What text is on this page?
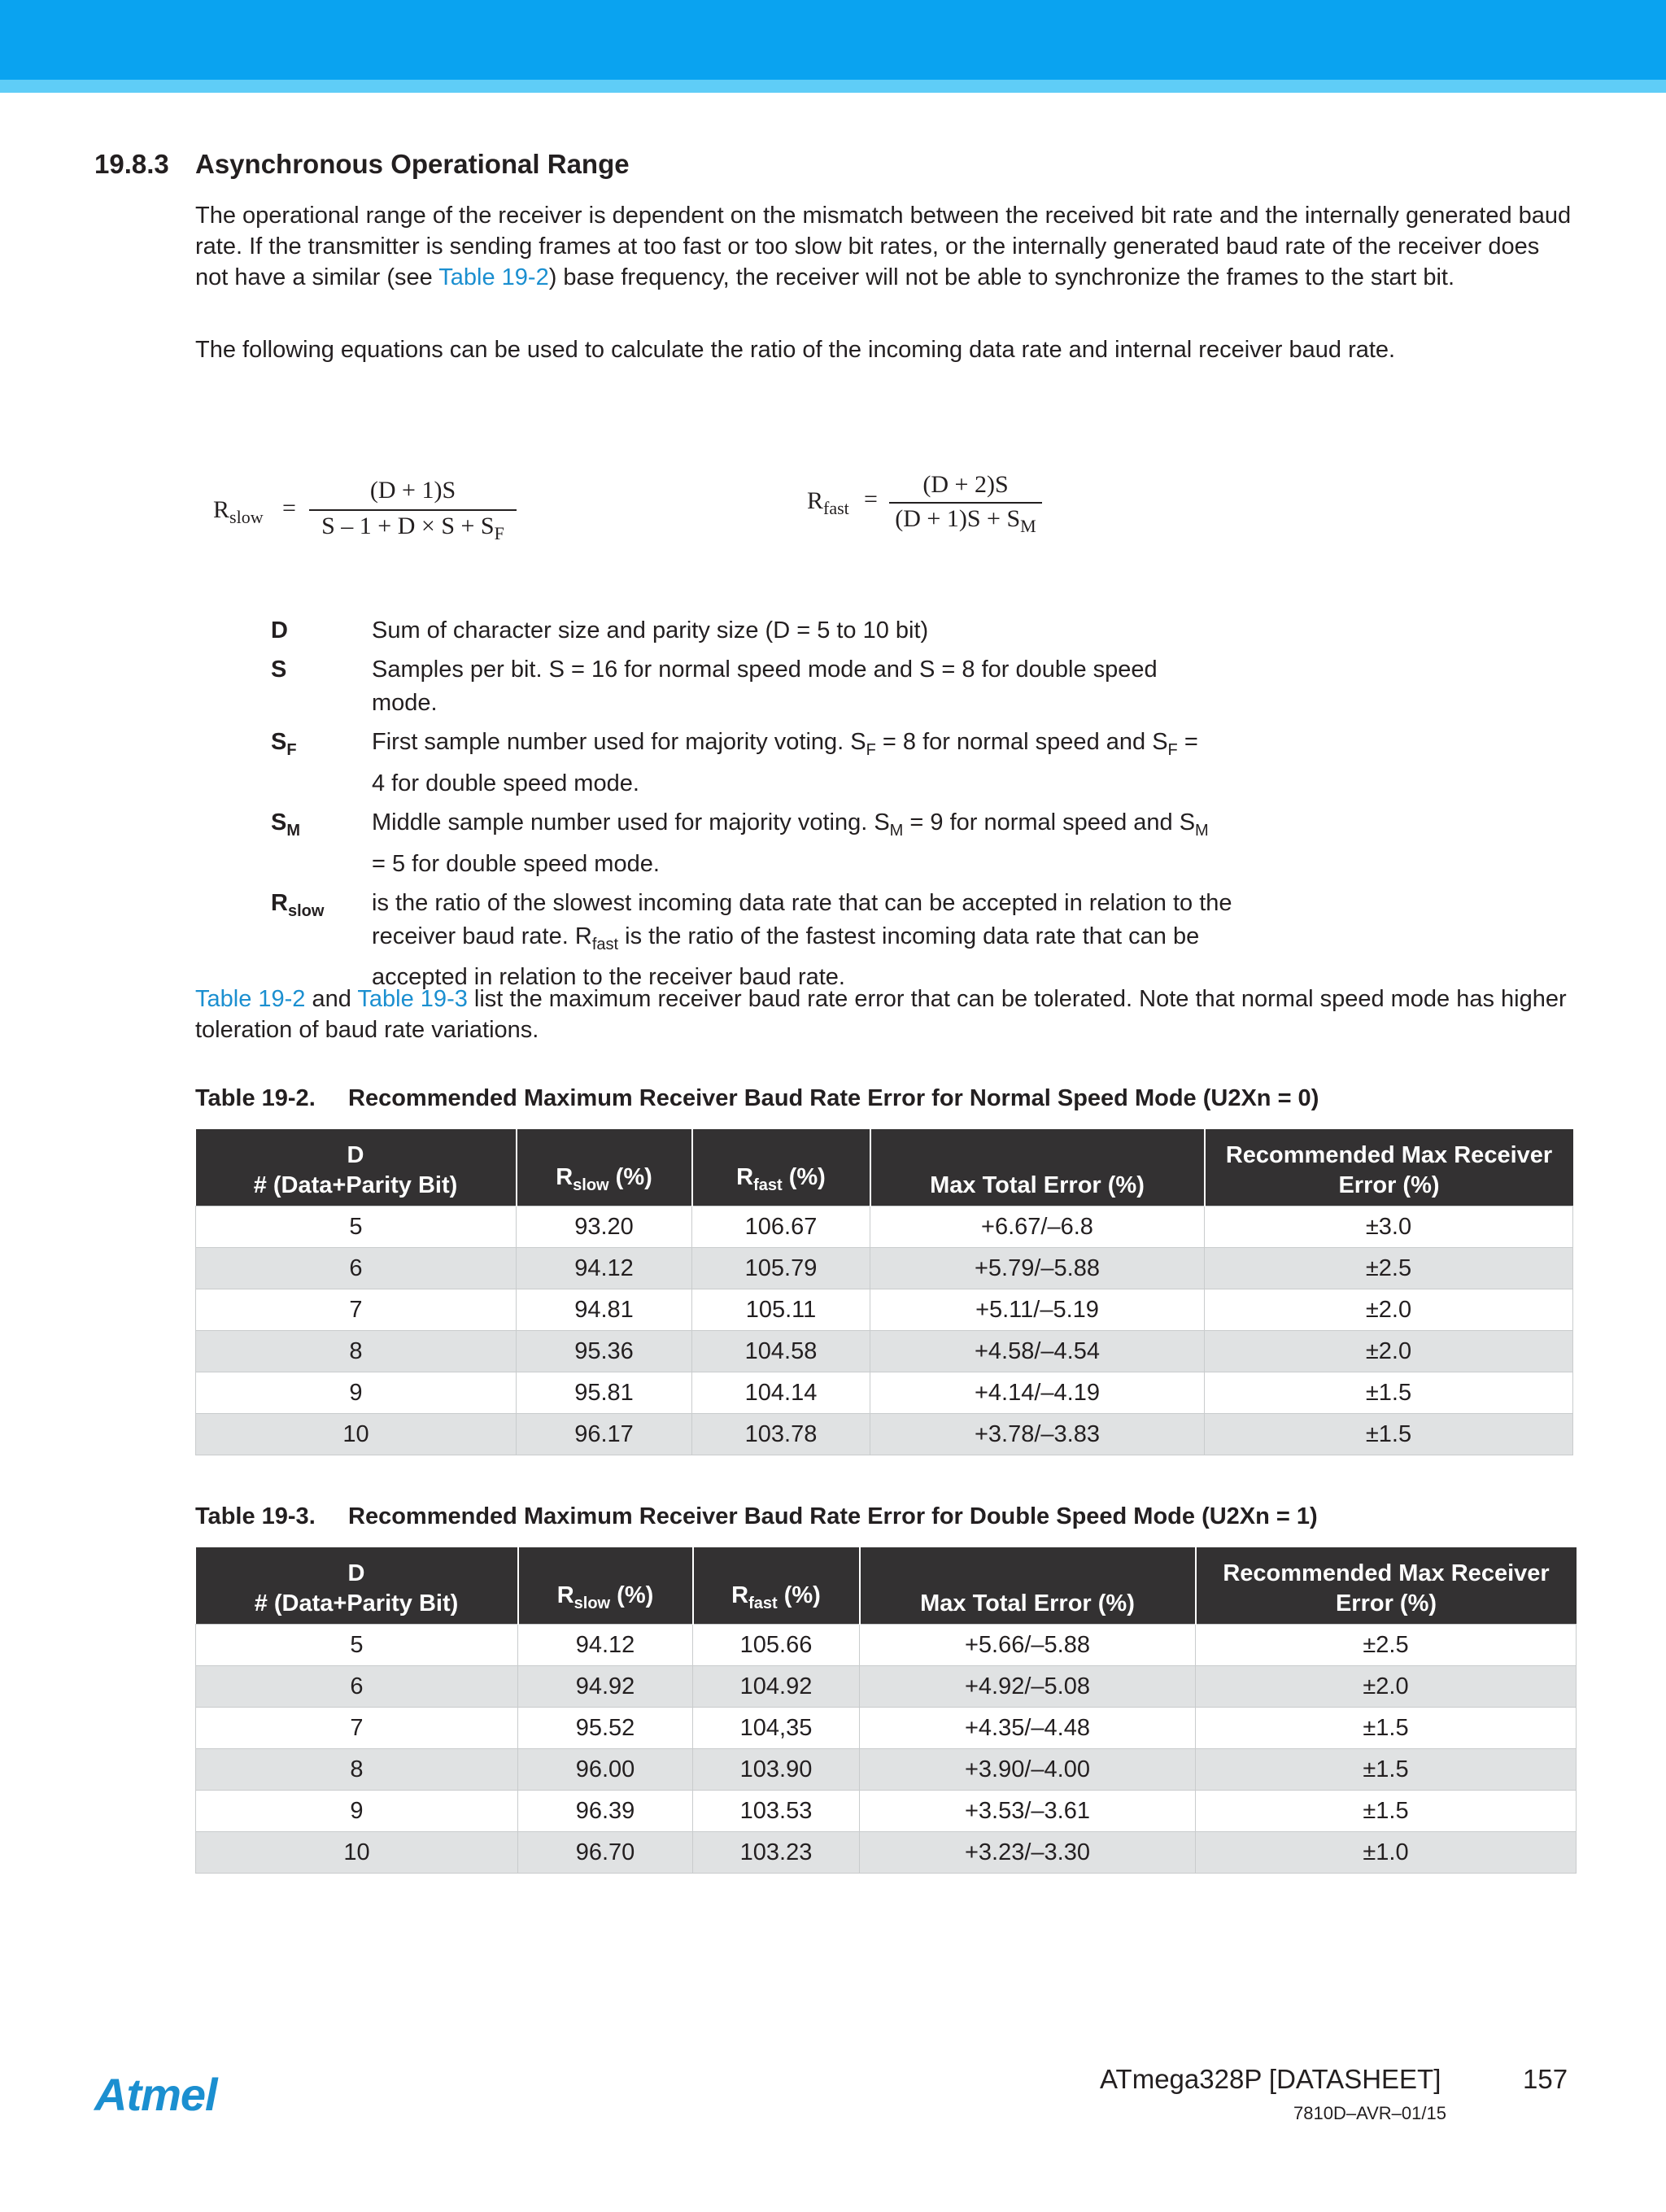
19.8.3 Asynchronous Operational Range

The operational range of the receiver is dependent on the mismatch between the received bit rate and the internally generated baud rate. If the transmitter is sending frames at too fast or too slow bit rates, or the internally generated baud rate of the receiver does not have a similar (see Table 19-2) base frequency, the receiver will not be able to synchronize the frames to the start bit.

The following equations can be used to calculate the ratio of the incoming data rate and internal receiver baud rate.

$R_{slow}$ =
(D + 1)S
$S - 1 + D \times S + S_F$
$R_{fast}$ =
(D + 2)S
$(D + 1)S + S_M$
D	Sum of character size and parity size (D = 5 to 10 bit)
S	Samples per bit. S = 16 for normal speed mode and S = 8 for double speed mode.
$S_F$	First sample number used for majority voting. $S_F = 8$ for normal speed and $S_F = 4$ for double speed mode.
$S_M$	Middle sample number used for majority voting. $S_M = 9$ for normal speed and $S_M = 5$ for double speed mode.
$R_{slow}$	is the ratio of the slowest incoming data rate that can be accepted in relation to the receiver baud rate. $R_{fast}$ is the ratio of the fastest incoming data rate that can be accepted in relation to the receiver baud rate.

Table 19-2 and Table 19-3 list the maximum receiver baud rate error that can be tolerated. Note that normal speed mode has higher toleration of baud rate variations.

Table 19-2. Recommended Maximum Receiver Baud Rate Error for Normal Speed Mode (U2Xn = 0)
D
# (Data+Parity Bit)	$R_{slow}$ (%)	$R_{fast}$ (%)	Max Total Error (%)	Recommended Max Receiver
Error (%)
5	93.20	106.67	+6.67/–6.8	±3.0
6	94.12	105.79	+5.79/–5.88	±2.5
7	94.81	105.11	+5.11/–5.19	±2.0
8	95.36	104.58	+4.58/–4.54	±2.0
9	95.81	104.14	+4.14/–4.19	±1.5
10	96.17	103.78	+3.78/–3.83	±1.5
Table 19-3. Recommended Maximum Receiver Baud Rate Error for Double Speed Mode (U2Xn = 1)
D
# (Data+Parity Bit)	$R_{slow}$ (%)	$R_{fast}$ (%)	Max Total Error (%)	Recommended Max Receiver
Error (%)
5	94.12	105.66	+5.66/–5.88	±2.5
6	94.92	104.92	+4.92/–5.08	±2.0
7	95.52	104,35	+4.35/–4.48	±1.5
8	96.00	103.90	+3.90/–4.00	±1.5
9	96.39	103.53	+3.53/–3.61	±1.5
10	96.70	103.23	+3.23/–3.30	±1.0
Atmel	ATmega328P [DATASHEET]	157
7810D–AVR–01/15
